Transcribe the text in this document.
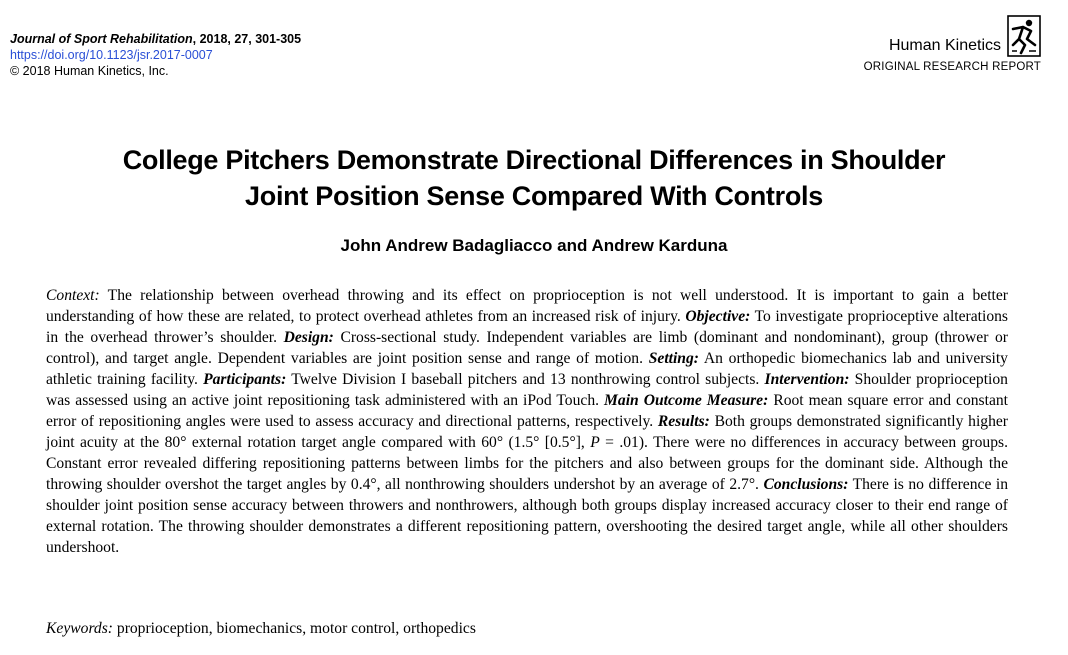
Journal of Sport Rehabilitation, 2018, 27, 301-305
https://doi.org/10.1123/jsr.2017-0007
© 2018 Human Kinetics, Inc.
Human Kinetics
ORIGINAL RESEARCH REPORT
College Pitchers Demonstrate Directional Differences in Shoulder
Joint Position Sense Compared With Controls
John Andrew Badagliacco and Andrew Karduna

Context: The relationship between overhead throwing and its effect on proprioception is not well understood. It is important to gain a better understanding of how these are related, to protect overhead athletes from an increased risk of injury. Objective: To investigate proprioceptive alterations in the overhead thrower’s shoulder. Design: Cross-sectional study. Independent variables are limb (dominant and nondominant), group (thrower or control), and target angle. Dependent variables are joint position sense and range of motion. Setting: An orthopedic biomechanics lab and university athletic training facility. Participants: Twelve Division I baseball pitchers and 13 nonthrowing control subjects. Intervention: Shoulder proprioception was assessed using an active joint repositioning task administered with an iPod Touch. Main Outcome Measure: Root mean square error and constant error of repositioning angles were used to assess accuracy and directional patterns, respectively. Results: Both groups demonstrated significantly higher joint acuity at the 80° external rotation target angle compared with 60° (1.5° [0.5°], P = .01). There were no differences in accuracy between groups. Constant error revealed differing repositioning patterns between limbs for the pitchers and also between groups for the dominant side. Although the throwing shoulder overshot the target angles by 0.4°, all nonthrowing shoulders undershot by an average of 2.7°. Conclusions: There is no difference in shoulder joint position sense accuracy between throwers and nonthrowers, although both groups display increased accuracy closer to their end range of external rotation. The throwing shoulder demonstrates a different repositioning pattern, overshooting the desired target angle, while all other shoulders undershoot.

Keywords: proprioception, biomechanics, motor control, orthopedics
